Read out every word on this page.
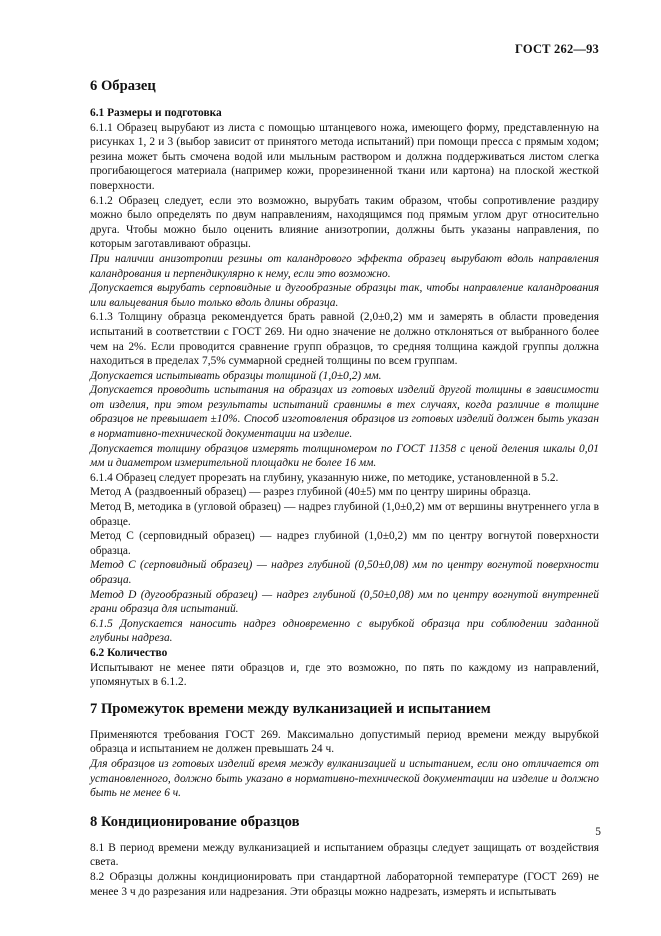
ГОСТ 262—93
6 Образец
6.1 Размеры и подготовка

6.1.1 Образец вырубают из листа с помощью штанцевого ножа, имеющего форму, представленную на рисунках 1, 2 и 3 (выбор зависит от принятого метода испытаний) при помощи пресса с прямым ходом; резина может быть смочена водой или мыльным раствором и должна поддерживаться листом слегка прогибающегося материала (например кожи, прорезиненной ткани или картона) на плоской жесткой поверхности.

6.1.2 Образец следует, если это возможно, вырубать таким образом, чтобы сопротивление раздиру можно было определять по двум направлениям, находящимся под прямым углом друг относительно друга. Чтобы можно было оценить влияние анизотропии, должны быть указаны направления, по которым заготавливают образцы.

При наличии анизотропии резины от каландрового эффекта образец вырубают вдоль направления каландрования и перпендикулярно к нему, если это возможно.

Допускается вырубать серповидные и дугообразные образцы так, чтобы направление каландрования или вальцевания было только вдоль длины образца.

6.1.3 Толщину образца рекомендуется брать равной (2,0±0,2) мм и замерять в области проведения испытаний в соответствии с ГОСТ 269. Ни одно значение не должно отклоняться от выбранного более чем на 2%. Если проводится сравнение групп образцов, то средняя толщина каждой группы должна находиться в пределах 7,5% суммарной средней толщины по всем группам.

Допускается испытывать образцы толщиной (1,0±0,2) мм.

Допускается проводить испытания на образцах из готовых изделий другой толщины в зависимости от изделия, при этом результаты испытаний сравнимы в тех случаях, когда различие в толщине образцов не превышает ±10%. Способ изготовления образцов из готовых изделий должен быть указан в нормативно-технической документации на изделие.

Допускается толщину образцов измерять толщиномером по ГОСТ 11358 с ценой деления шкалы 0,01 мм и диаметром измерительной площадки не более 16 мм.

6.1.4 Образец следует прорезать на глубину, указанную ниже, по методике, установленной в 5.2.

Метод А (раздвоенный образец) — разрез глубиной (40±5) мм по центру ширины образца.

Метод В, методика в (угловой образец) — надрез глубиной (1,0±0,2) мм от вершины внутреннего угла в образце.

Метод С (серповидный образец) — надрез глубиной (1,0±0,2) мм по центру вогнутой поверхности образца.

Метод С (серповидный образец) — надрез глубиной (0,50±0,08) мм по центру вогнутой поверхности образца.

Метод D (дугообразный образец) — надрез глубиной (0,50±0,08) мм по центру вогнутой внутренней грани образца для испытаний.

6.1.5 Допускается наносить надрез одновременно с вырубкой образца при соблюдении заданной глубины надреза.

6.2 Количество

Испытывают не менее пяти образцов и, где это возможно, по пять по каждому из направлений, упомянутых в 6.1.2.

7 Промежуток времени между вулканизацией и испытанием

Применяются требования ГОСТ 269. Максимально допустимый период времени между вырубкой образца и испытанием не должен превышать 24 ч.

Для образцов из готовых изделий время между вулканизацией и испытанием, если оно отличается от установленного, должно быть указано в нормативно-технической документации на изделие и должно быть не менее 6 ч.

8 Кондиционирование образцов

8.1 В период времени между вулканизацией и испытанием образцы следует защищать от воздействия света.

8.2 Образцы должны кондиционировать при стандартной лабораторной температуре (ГОСТ 269) не менее 3 ч до разрезания или надрезания. Эти образцы можно надрезать, измерять и испытывать

5
